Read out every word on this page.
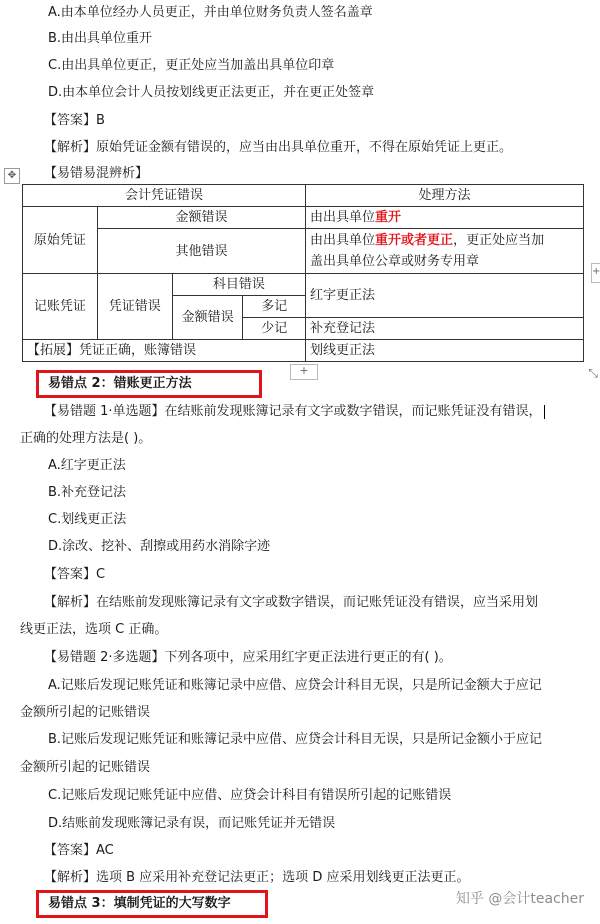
A.由本单位经办人员更正，并由单位财务负责人签名盖章
B.由出具单位重开
C.由出具单位更正，更正处应当加盖出具单位印章
D.由本单位会计人员按划线更正法更正，并在更正处签章
【答案】B
【解析】原始凭证金额有错误的，应当由出具单位重开，不得在原始凭证上更正。
✥	【易错易混辨析】
会计凭证错误				处理方法
原始凭证	金额错误			由出具单位重开
	其他错误			由出具单位重开或者更正，更正处应当加
盖出具单位公章或财务专用章
记账凭证	凭证错误	科目错误		红字更正法
		金额错误	多记	
			少记	补充登记法
【拓展】凭证正确，账簿错误				划线更正法
+
+	⤡
易错点 2：错账更正方法
【易错题 1·单选题】在结账前发现账簿记录有文字或数字错误，而记账凭证没有错误，
正确的处理方法是( )。
A.红字更正法
B.补充登记法
C.划线更正法
D.涂改、挖补、刮擦或用药水消除字迹
【答案】C
【解析】在结账前发现账簿记录有文字或数字错误，而记账凭证没有错误，应当采用划
线更正法，选项 C 正确。
【易错题 2·多选题】下列各项中，应采用红字更正法进行更正的有( )。
A.记账后发现记账凭证和账簿记录中应借、应贷会计科目无误，只是所记金额大于应记
金额所引起的记账错误
B.记账后发现记账凭证和账簿记录中应借、应贷会计科目无误，只是所记金额小于应记
金额所引起的记账错误
C.记账后发现记账凭证中应借、应贷会计科目有错误所引起的记账错误
D.结账前发现账簿记录有误，而记账凭证并无错误
【答案】AC
【解析】选项 B 应采用补充登记法更正；选项 D 应采用划线更正法更正。
知乎 @会计teacher
易错点 3：填制凭证的大写数字
